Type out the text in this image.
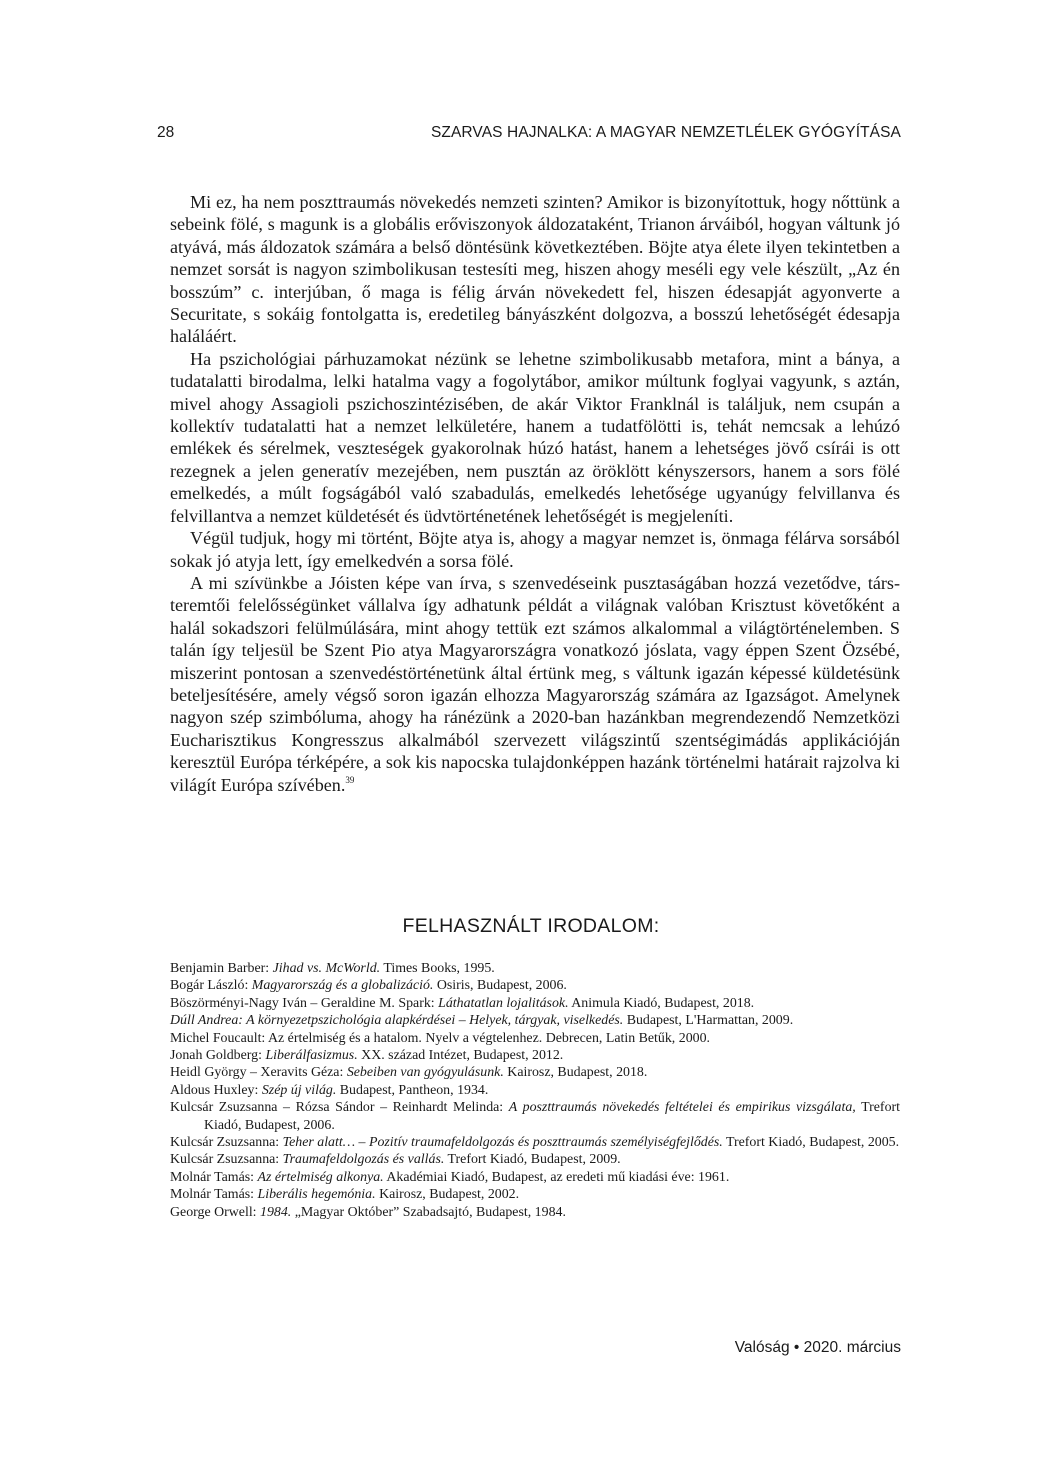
28	SZARVAS HAJNALKA: A MAGYAR NEMZETLÉLEK GYÓGYÍTÁSA

Mi ez, ha nem poszttraumás növekedés nemzeti szinten? Amikor is bizonyítottuk, hogy nőttünk a sebeink fölé, s magunk is a globális erőviszonyok áldozataként, Trianon árváiból, hogyan váltunk jó atyává, más áldozatok számára a belső döntésünk következtében. Böjte atya élete ilyen tekintetben a nemzet sorsát is nagyon szimbolikusan testesíti meg, hiszen ahogy meséli egy vele készült, „Az én bosszúm” c. interjúban, ő maga is félig árván növekedett fel, hiszen édesapját agyonverte a Securitate, s sokáig fontolgatta is, eredetileg bányászként dolgozva, a bosszú lehetőségét édesapja haláláért.

Ha pszichológiai párhuzamokat nézünk se lehetne szimbolikusabb metafora, mint a bánya, a tudatalatti birodalma, lelki hatalma vagy a fogolytábor, amikor múltunk foglyai vagyunk, s aztán, mivel ahogy Assagioli pszichoszintézisében, de akár Viktor Franklnál is találjuk, nem csupán a kollektív tudatalatti hat a nemzet lelkületére, hanem a tudatfölötti is, tehát nemcsak a lehúzó emlékek és sérelmek, veszteségek gyakorolnak húzó hatást, hanem a lehetséges jövő csírái is ott rezegnek a jelen generatív mezejében, nem pusztán az öröklött kényszersors, hanem a sors fölé emelkedés, a múlt fogságából való szabadulás, emelkedés lehetősége ugyanúgy felvillanva és felvillantva a nemzet küldetését és üdvtörténetének lehetőségét is megjeleníti.

Végül tudjuk, hogy mi történt, Böjte atya is, ahogy a magyar nemzet is, önmaga félárva sorsából sokak jó atyja lett, így emelkedvén a sorsa fölé.

A mi szívünkbe a Jóisten képe van írva, s szenvedéseink pusztaságában hozzá vezetődve, társ-teremtői felelősségünket vállalva így adhatunk példát a világnak valóban Krisztust követőként a halál sokadszori felülmúlására, mint ahogy tettük ezt számos alkalommal a világtörténelemben. S talán így teljesül be Szent Pio atya Magyarországra vonatkozó jóslata, vagy éppen Szent Özsébé, miszerint pontosan a szenvedéstörténetünk által értünk meg, s váltunk igazán képessé küldetésünk beteljesítésére, amely végső soron igazán elhozza Magyarország számára az Igazságot. Amelynek nagyon szép szimbóluma, ahogy ha ránézünk a 2020-ban hazánkban megrendezendő Nemzetközi Eucharisztikus Kongresszus alkalmából szervezett világszintű szentségimádás applikációján keresztül Európa térképére, a sok kis napocska tulajdonképpen hazánk történelmi határait rajzolva ki világít Európa szívében.$^{39}$

FELHASZNÁLT IRODALOM:

Benjamin Barber: Jihad vs. McWorld. Times Books, 1995.

Bogár László: Magyarország és a globalizáció. Osiris, Budapest, 2006.

Böszörményi-Nagy Iván – Geraldine M. Spark: Láthatatlan lojalitások. Animula Kiadó, Budapest, 2018.

Dúll Andrea: A környezetpszichológia alapkérdései – Helyek, tárgyak, viselkedés. Budapest, L'Harmattan, 2009.

Michel Foucault: Az értelmiség és a hatalom. Nyelv a végtelenhez. Debrecen, Latin Betűk, 2000.

Jonah Goldberg: Liberálfasizmus. XX. század Intézet, Budapest, 2012.

Heidl György – Xeravits Géza: Sebeiben van gyógyulásunk. Kairosz, Budapest, 2018.

Aldous Huxley: Szép új világ. Budapest, Pantheon, 1934.

Kulcsár Zsuzsanna – Rózsa Sándor – Reinhardt Melinda: A poszttraumás növekedés feltételei és empirikus vizsgálata, Trefort Kiadó, Budapest, 2006.

Kulcsár Zsuzsanna: Teher alatt… – Pozitív traumafeldolgozás és poszttraumás személyiségfejlődés. Trefort Kiadó, Budapest, 2005.

Kulcsár Zsuzsanna: Traumafeldolgozás és vallás. Trefort Kiadó, Budapest, 2009.

Molnár Tamás: Az értelmiség alkonya. Akadémiai Kiadó, Budapest, az eredeti mű kiadási éve: 1961.

Molnár Tamás: Liberális hegemónia. Kairosz, Budapest, 2002.

George Orwell: 1984. „Magyar Október” Szabadsajtó, Budapest, 1984.

Valóság • 2020. március
